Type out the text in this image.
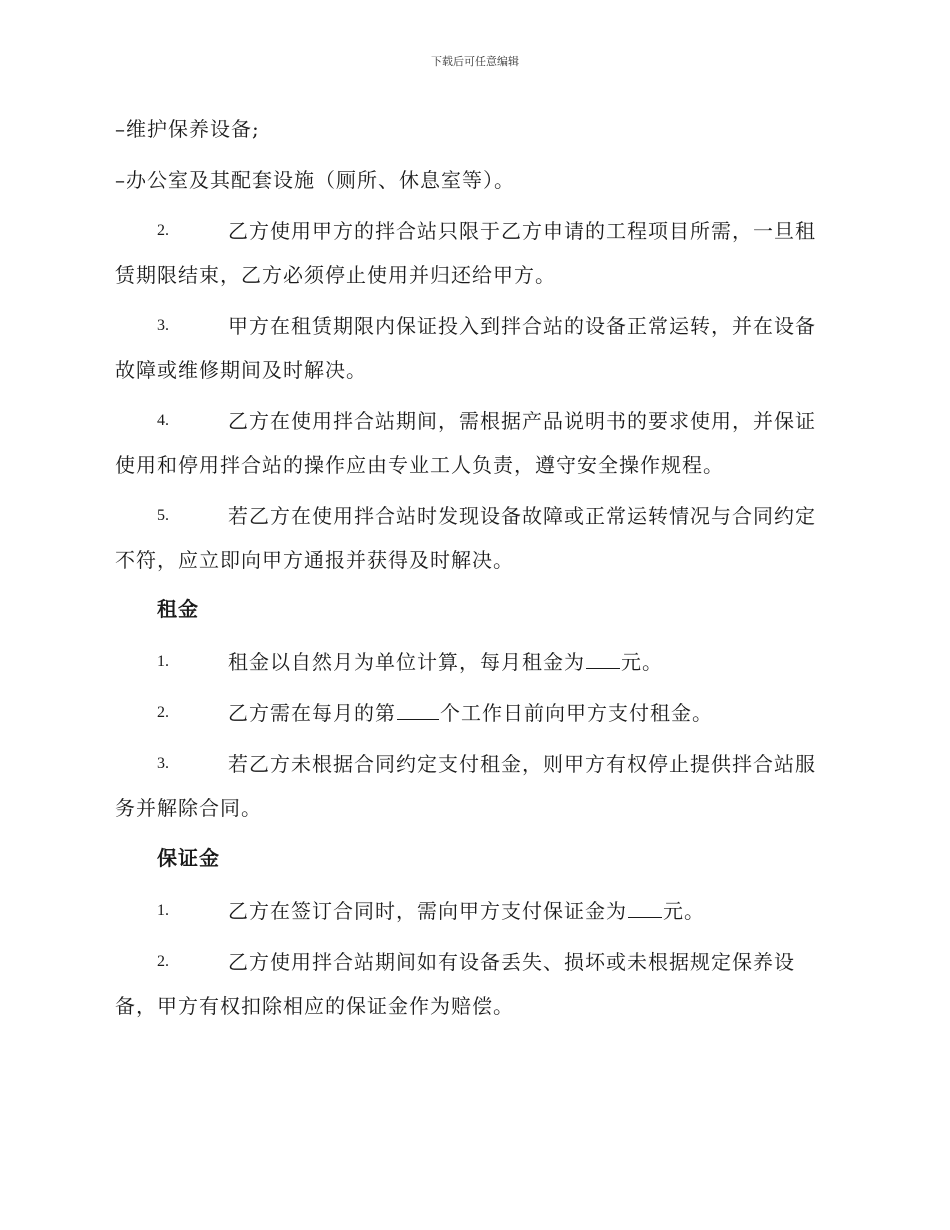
下载后可任意编辑
–维护保养设备;
–办公室及其配套设施（厕所、休息室等）。
2.	乙方使用甲方的拌合站只限于乙方申请的工程项目所需，一旦租
赁期限结束，乙方必须停止使用并归还给甲方。
3.	甲方在租赁期限内保证投入到拌合站的设备正常运转，并在设备
故障或维修期间及时解决。
4.	乙方在使用拌合站期间，需根据产品说明书的要求使用，并保证
使用和停用拌合站的操作应由专业工人负责，遵守安全操作规程。
5.	若乙方在使用拌合站时发现设备故障或正常运转情况与合同约定
不符，应立即向甲方通报并获得及时解决。
租金
1.	租金以自然月为单位计算，每月租金为 元。
2.	乙方需在每月的第 个工作日前向甲方支付租金。
3.	若乙方未根据合同约定支付租金，则甲方有权停止提供拌合站服
务并解除合同。
保证金
1.	乙方在签订合同时，需向甲方支付保证金为 元。
2.	乙方使用拌合站期间如有设备丢失、损坏或未根据规定保养设
备，甲方有权扣除相应的保证金作为赔偿。
